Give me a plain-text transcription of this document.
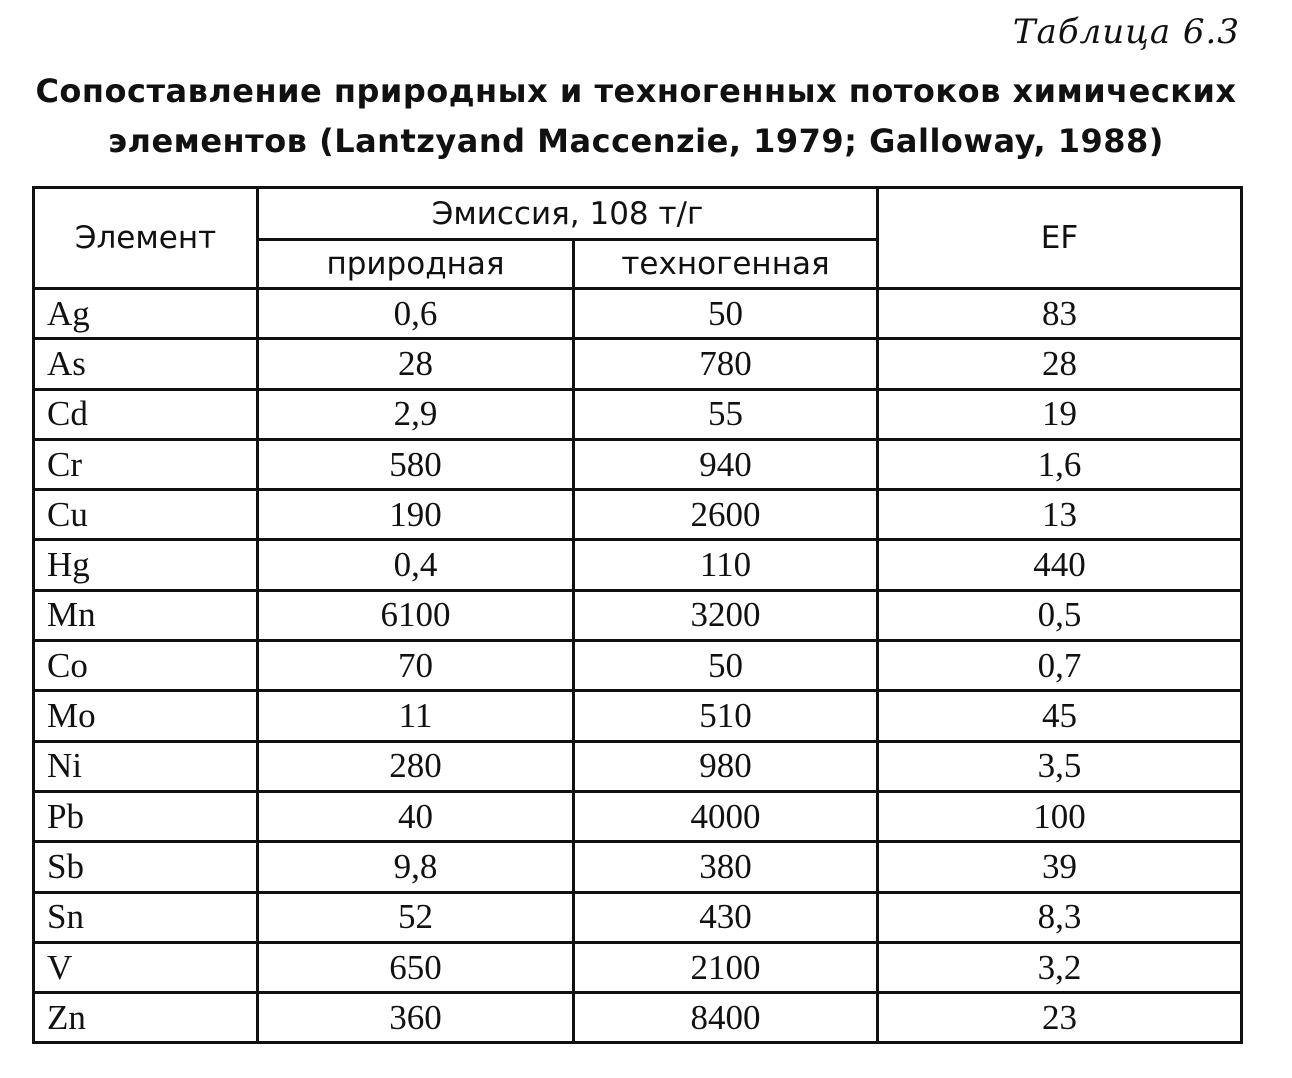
Таблица 6.3
Сопоставление природных и техногенных потоков химических
элементов (Lantzyand Maccenzie, 1979; Galloway, 1988)
Элемент	Эмиссия, 108 т/г		EF
	природная	техногенная	
Ag	0,6	50	83
As	28	780	28
Cd	2,9	55	19
Cr	580	940	1,6
Cu	190	2600	13
Hg	0,4	110	440
Mn	6100	3200	0,5
Co	70	50	0,7
Mo	11	510	45
Ni	280	980	3,5
Pb	40	4000	100
Sb	9,8	380	39
Sn	52	430	8,3
V	650	2100	3,2
Zn	360	8400	23
